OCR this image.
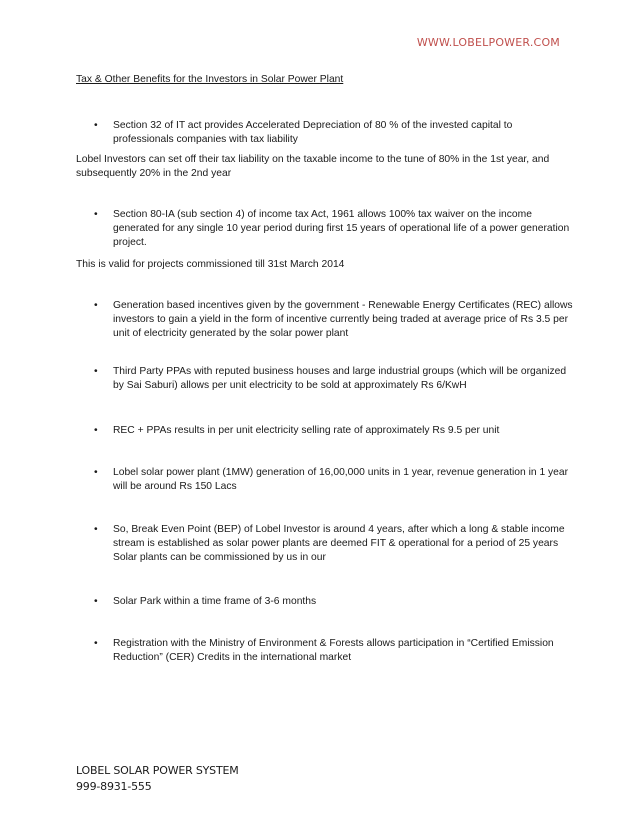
WWW.LOBELPOWER.COM
Tax & Other Benefits for the Investors in Solar Power Plant
• Section 32 of IT act provides Accelerated Depreciation of 80 % of the invested capital to professionals companies with tax liability
Lobel Investors can set off their tax liability on the taxable income to the tune of 80% in the 1st year, and subsequently 20% in the 2nd year
• Section 80-IA (sub section 4) of income tax Act, 1961 allows 100% tax waiver on the income generated for any single 10 year period during first 15 years of operational life of a power generation project.
This is valid for projects commissioned till 31st March 2014
• Generation based incentives given by the government - Renewable Energy Certificates (REC) allows investors to gain a yield in the form of incentive currently being traded at average price of Rs 3.5 per unit of electricity generated by the solar power plant
• Third Party PPAs with reputed business houses and large industrial groups (which will be organized by Sai Saburi) allows per unit electricity to be sold at approximately Rs 6/KwH
• REC + PPAs results in per unit electricity selling rate of approximately Rs 9.5 per unit
• Lobel solar power plant (1MW) generation of 16,00,000 units in 1 year, revenue generation in 1 year will be around Rs 150 Lacs
• So, Break Even Point (BEP) of Lobel Investor is around 4 years, after which a long & stable income stream is established as solar power plants are deemed FIT & operational for a period of 25 years Solar plants can be commissioned by us in our
• Solar Park within a time frame of 3-6 months
• Registration with the Ministry of Environment & Forests allows participation in “Certified Emission Reduction” (CER) Credits in the international market
LOBEL SOLAR POWER SYSTEM
999-8931-555
